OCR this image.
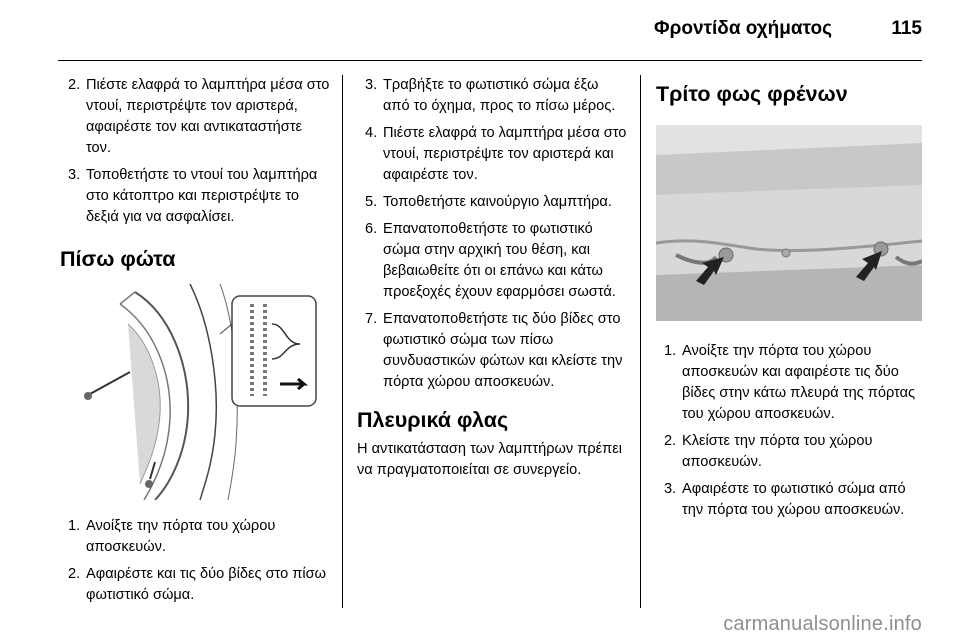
Φροντίδα οχήματος	115
2. Πιέστε ελαφρά το λαμπτήρα μέσα στο ντουί, περιστρέψτε τον αριστερά, αφαιρέστε τον και αντικαταστήστε τον.
3. Τοποθετήστε το ντουί του λαμπτήρα στο κάτοπτρο και περιστρέψτε το δεξιά για να ασφαλίσει.
Πίσω φώτα
1. Ανοίξτε την πόρτα του χώρου αποσκευών.
2. Αφαιρέστε και τις δύο βίδες στο πίσω φωτιστικό σώμα.
3. Τραβήξτε το φωτιστικό σώμα έξω από το όχημα, προς το πίσω μέρος.
4. Πιέστε ελαφρά το λαμπτήρα μέσα στο ντουί, περιστρέψτε τον αριστερά και αφαιρέστε τον.
5. Τοποθετήστε καινούργιο λαμπτήρα.
6. Επανατοποθετήστε το φωτιστικό σώμα στην αρχική του θέση, και βεβαιωθείτε ότι οι επάνω και κάτω προεξοχές έχουν εφαρμόσει σωστά.
7. Επανατοποθετήστε τις δύο βίδες στο φωτιστικό σώμα των πίσω συνδυαστικών φώτων και κλείστε την πόρτα χώρου αποσκευών.
Πλευρικά φλας

Η αντικατάσταση των λαμπτήρων πρέπει να πραγματοποιείται σε συνεργείο.

Τρίτο φως φρένων
1. Ανοίξτε την πόρτα του χώρου αποσκευών και αφαιρέστε τις δύο βίδες στην κάτω πλευρά της πόρτας του χώρου αποσκευών.
2. Κλείστε την πόρτα του χώρου αποσκευών.
3. Αφαιρέστε το φωτιστικό σώμα από την πόρτα του χώρου αποσκευών.
carmanualsonline.info
